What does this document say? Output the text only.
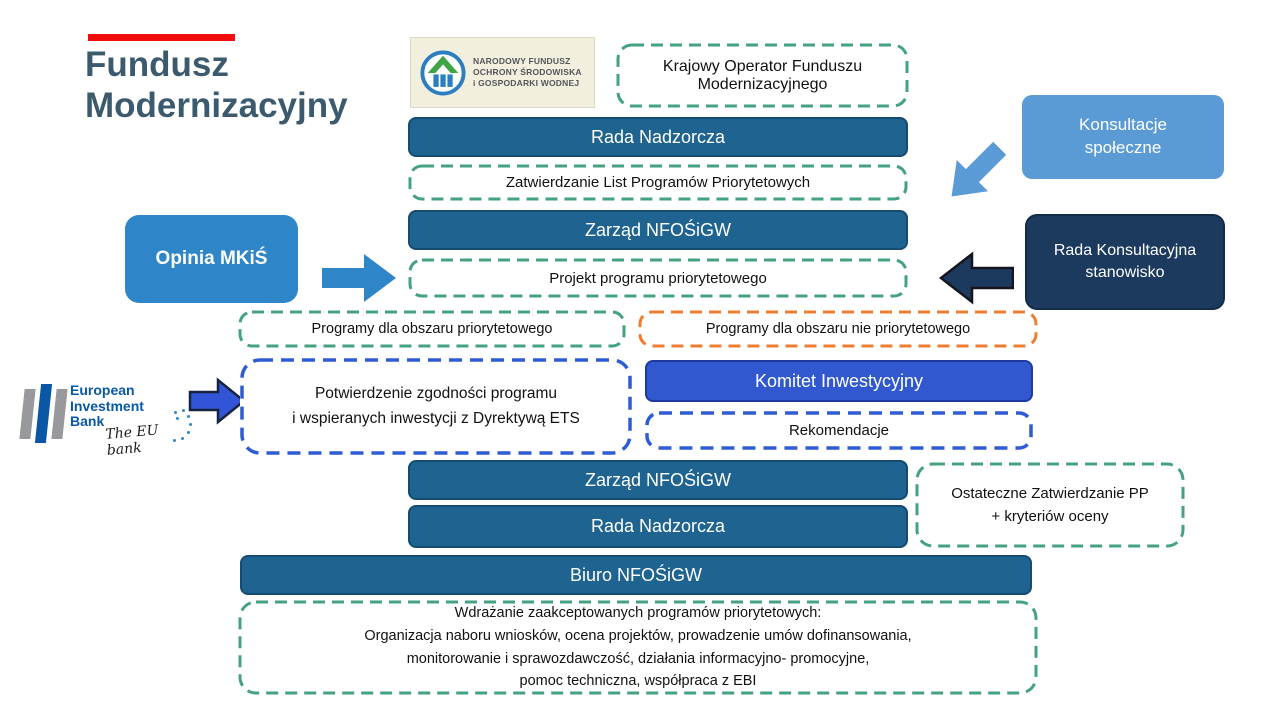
Fundusz Modernizacyjny
NARODOWY FUNDUSZ
OCHRONY ŚRODOWISKA
i GOSPODARKI WODNEJ
Krajowy Operator Funduszu Modernizacyjnego
Rada Nadzorcza
Zatwierdzanie List Programów Priorytetowych
Zarząd NFOŚiGW
Projekt programu priorytetowego
Opinia MKiŚ
Konsultacje społeczne
Rada Konsultacyjna stanowisko
Programy dla obszaru priorytetowego	Programy dla obszaru nie priorytetowego
European
Investment
Bank
The EU bank
Potwierdzenie zgodności programu
i wspieranych inwestycji z Dyrektywą ETS
Komitet Inwestycyjny
Rekomendacje
Zarząd NFOŚiGW
Rada Nadzorcza
Ostateczne Zatwierdzanie PP
+ kryteriów oceny
Biuro NFOŚiGW
Wdrażanie zaakceptowanych programów priorytetowych:
Organizacja naboru wniosków, ocena projektów, prowadzenie umów dofinansowania,
monitorowanie i sprawozdawczość, działania informacyjno- promocyjne,
pomoc techniczna, współpraca z EBI
